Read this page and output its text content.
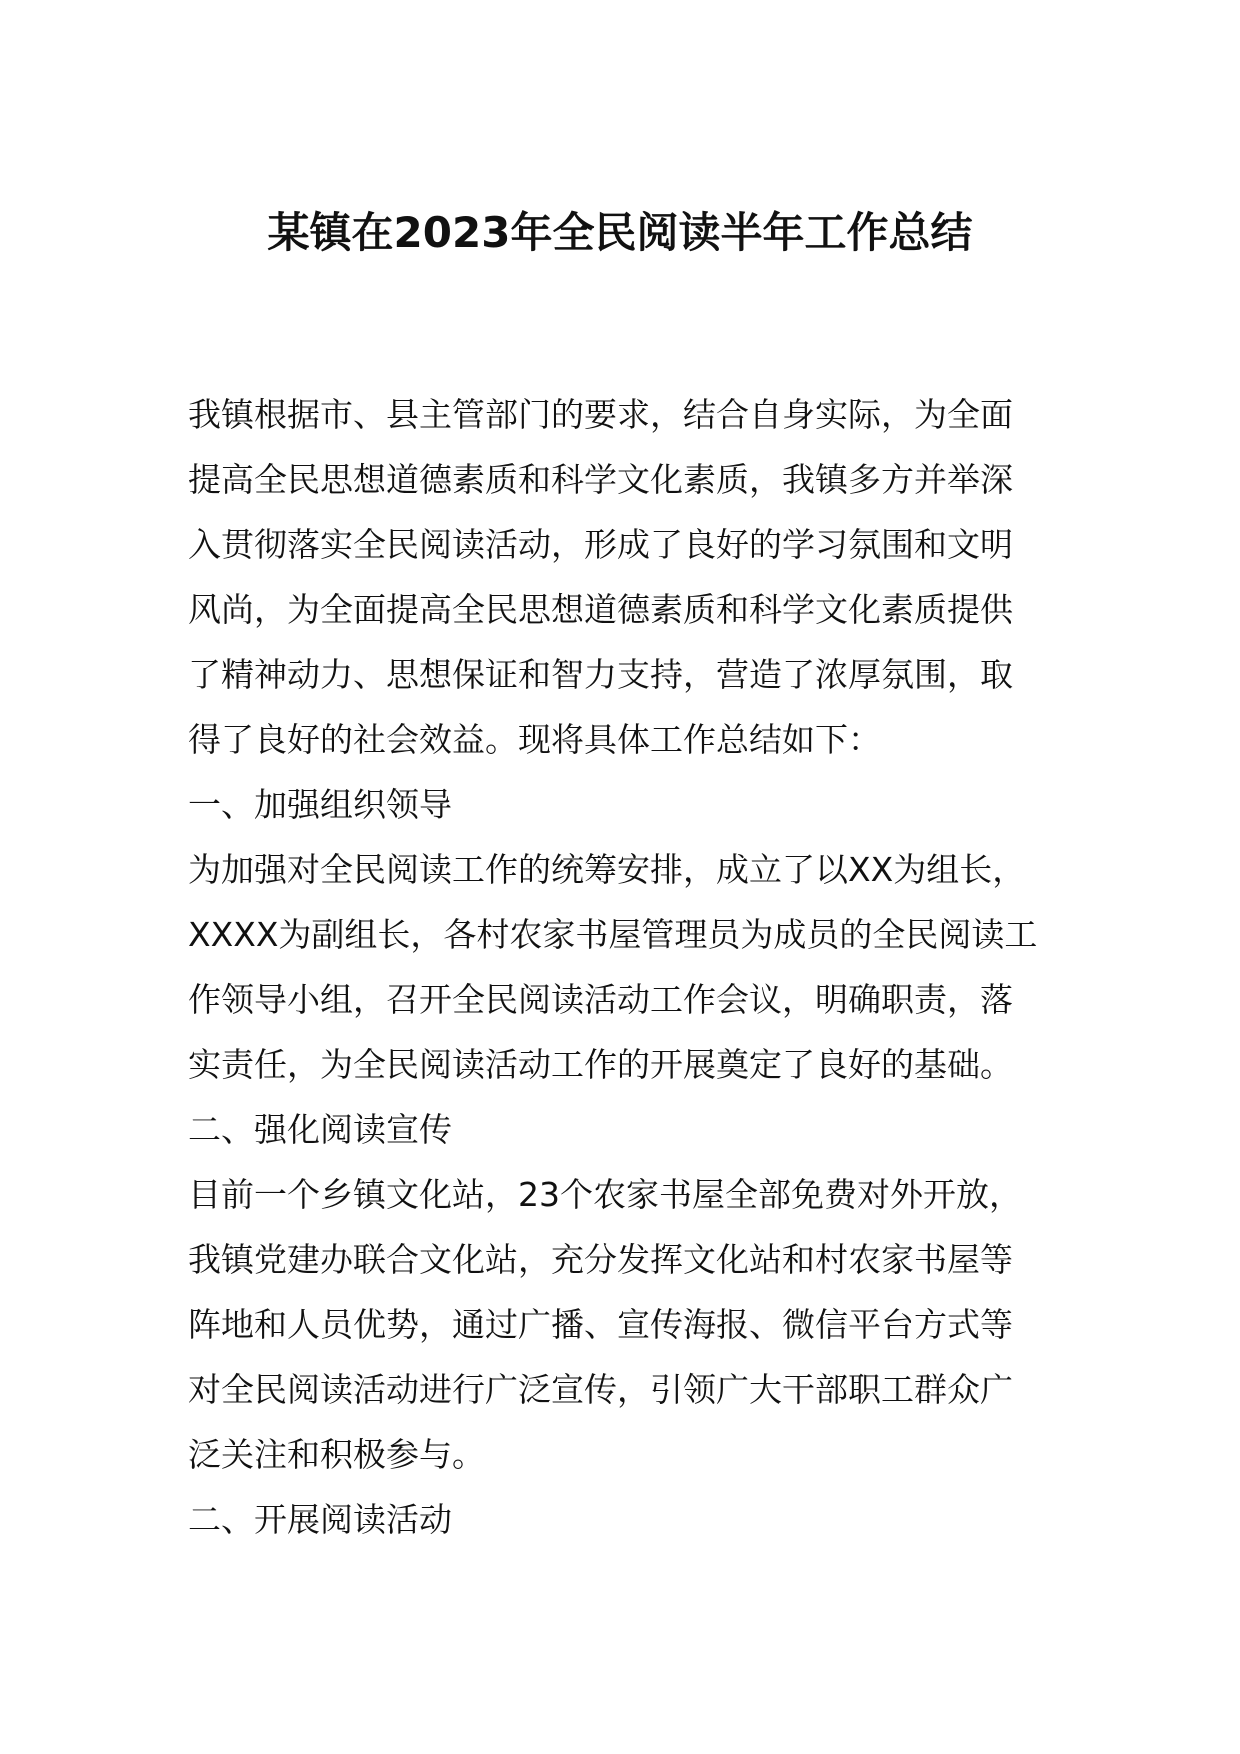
某镇在2023年全民阅读半年工作总结
我镇根据市、县主管部门的要求，结合自身实际，为全面
提高全民思想道德素质和科学文化素质，我镇多方并举深
入贯彻落实全民阅读活动，形成了良好的学习氛围和文明
风尚，为全面提高全民思想道德素质和科学文化素质提供
了精神动力、思想保证和智力支持，营造了浓厚氛围，取
得了良好的社会效益。现将具体工作总结如下：
一、加强组织领导
为加强对全民阅读工作的统筹安排，成立了以XX为组长，
XXXX为副组长，各村农家书屋管理员为成员的全民阅读工
作领导小组，召开全民阅读活动工作会议，明确职责，落
实责任，为全民阅读活动工作的开展奠定了良好的基础。
二、强化阅读宣传
目前一个乡镇文化站，23个农家书屋全部免费对外开放，
我镇党建办联合文化站，充分发挥文化站和村农家书屋等
阵地和人员优势，通过广播、宣传海报、微信平台方式等
对全民阅读活动进行广泛宣传，引领广大干部职工群众广
泛关注和积极参与。
二、开展阅读活动
